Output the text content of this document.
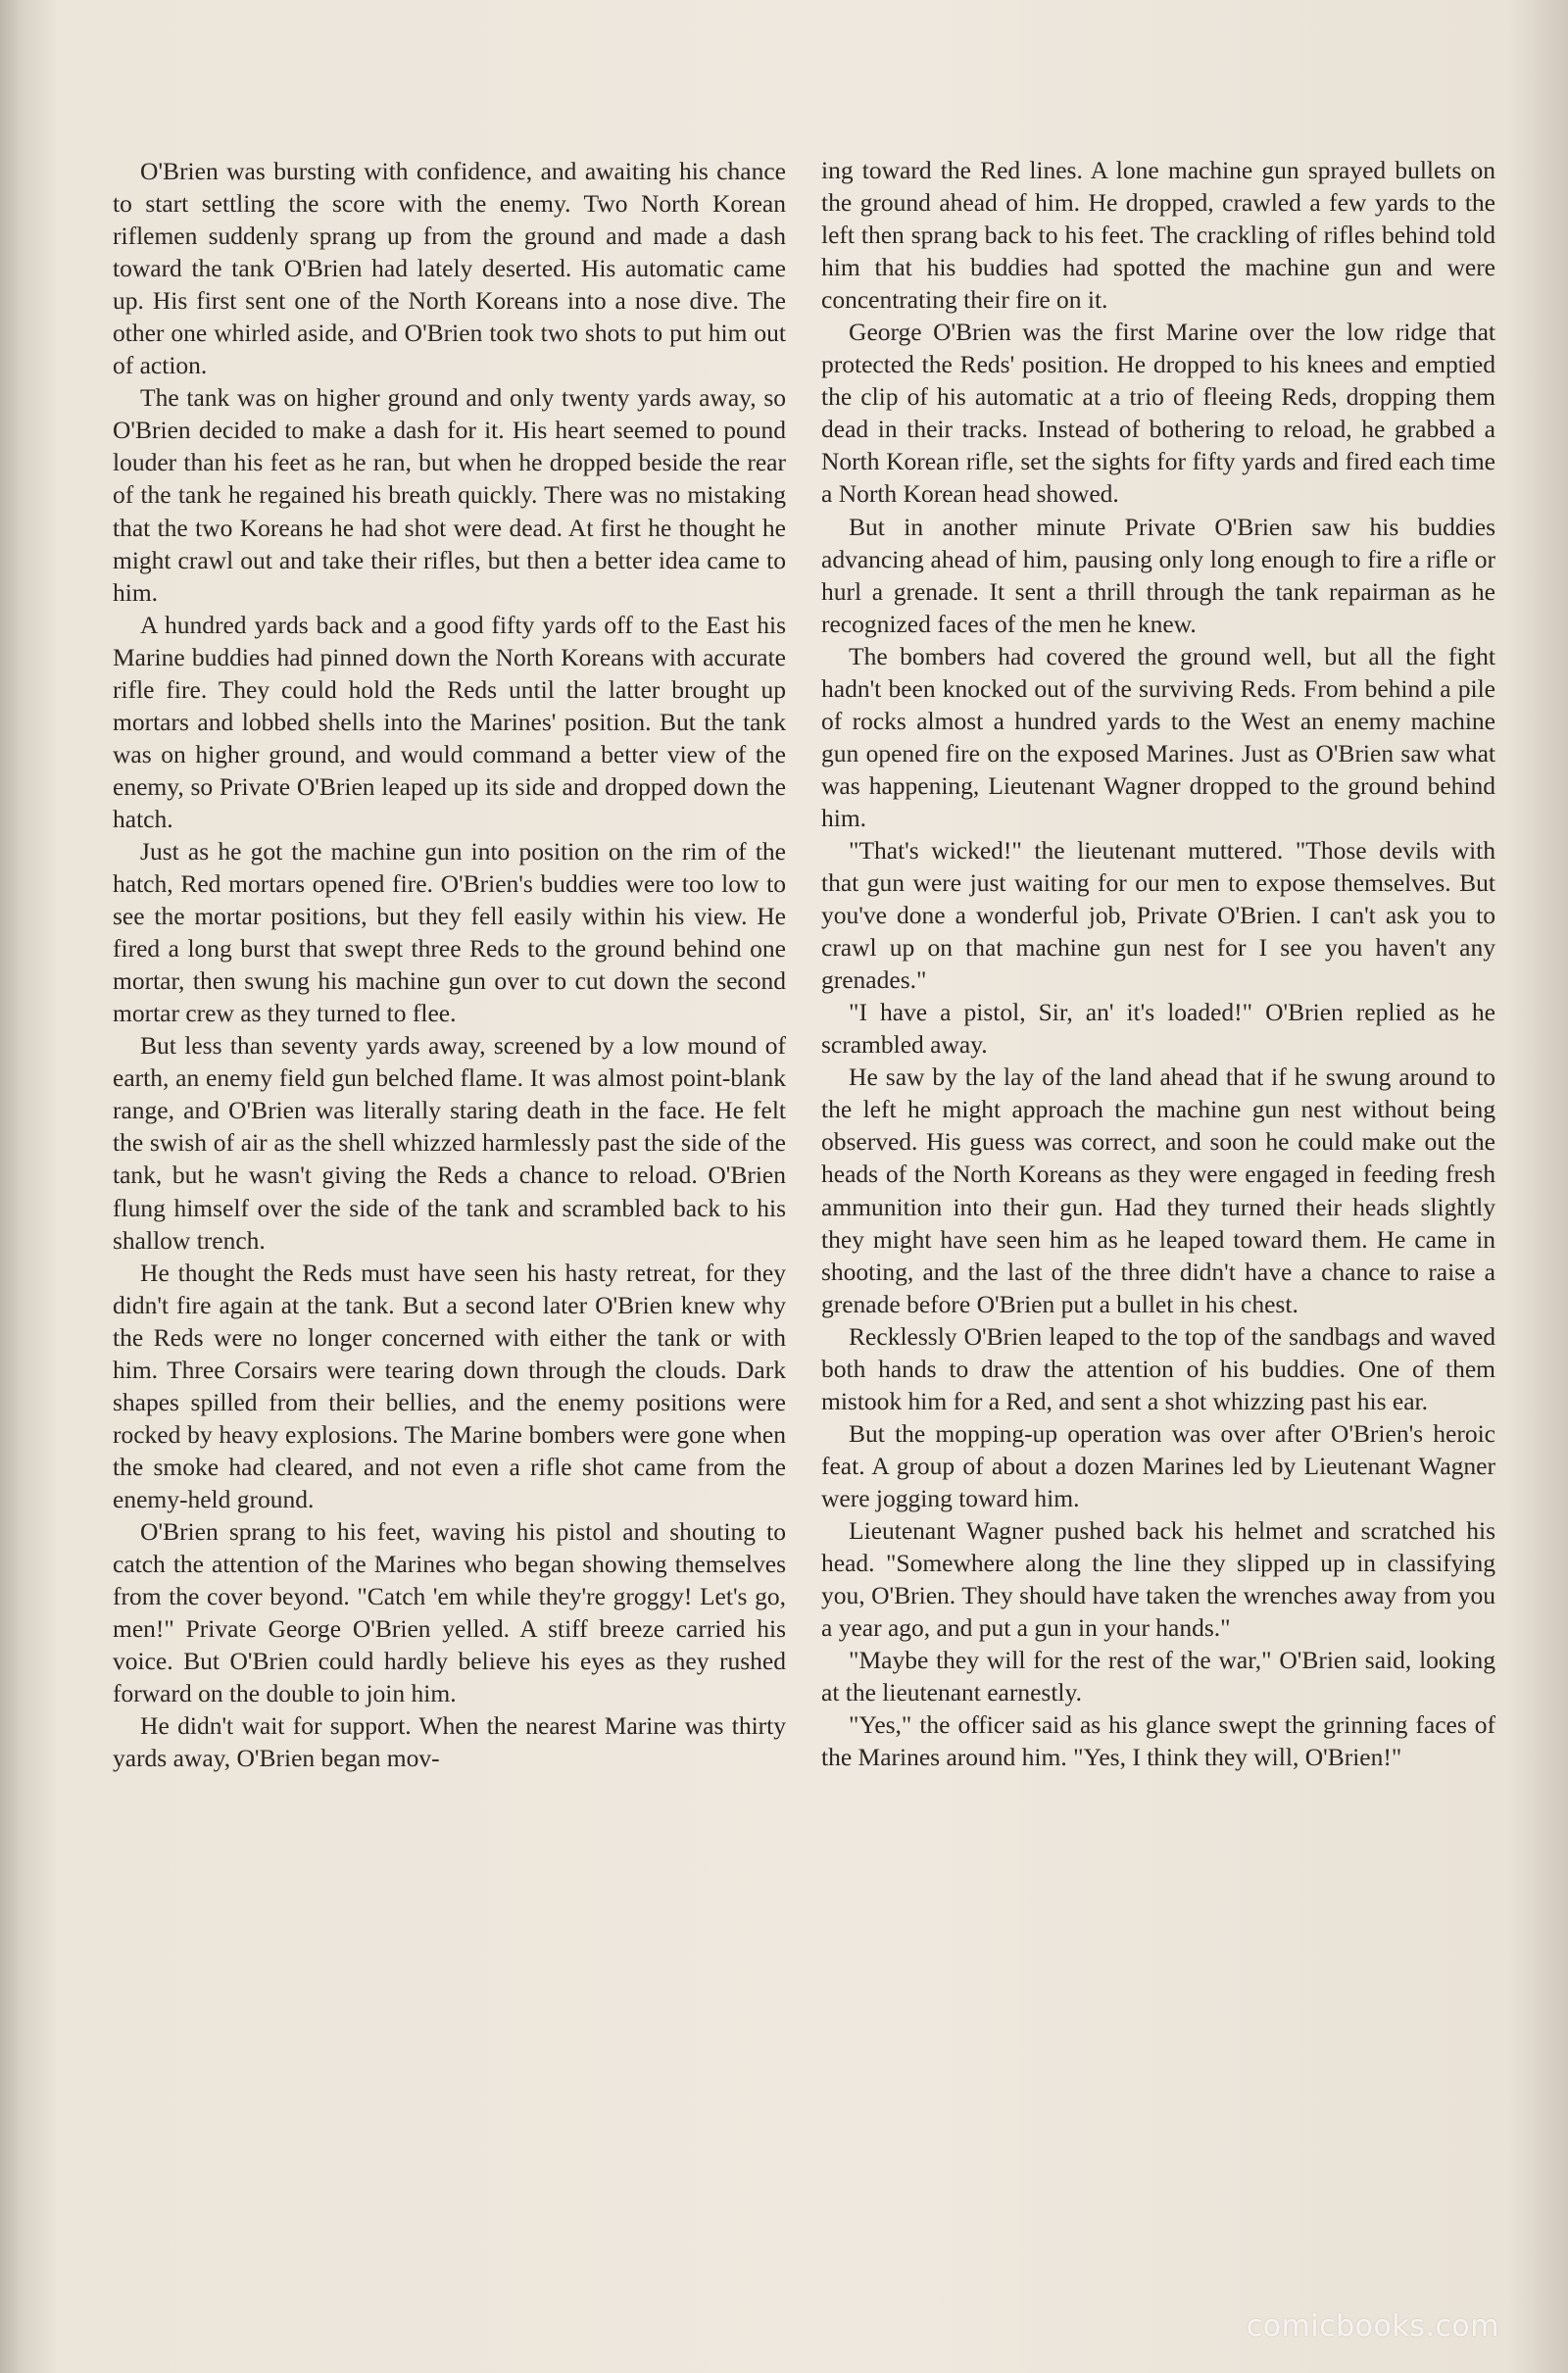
O'Brien was bursting with confidence, and awaiting his chance to start settling the score with the enemy. Two North Korean riflemen suddenly sprang up from the ground and made a dash toward the tank O'Brien had lately deserted. His automatic came up. His first sent one of the North Koreans into a nose dive. The other one whirled aside, and O'Brien took two shots to put him out of action.

The tank was on higher ground and only twenty yards away, so O'Brien decided to make a dash for it. His heart seemed to pound louder than his feet as he ran, but when he dropped beside the rear of the tank he regained his breath quickly. There was no mistaking that the two Koreans he had shot were dead. At first he thought he might crawl out and take their rifles, but then a better idea came to him.

A hundred yards back and a good fifty yards off to the East his Marine buddies had pinned down the North Koreans with accurate rifle fire. They could hold the Reds until the latter brought up mortars and lobbed shells into the Marines' position. But the tank was on higher ground, and would command a better view of the enemy, so Private O'Brien leaped up its side and dropped down the hatch.

Just as he got the machine gun into position on the rim of the hatch, Red mortars opened fire. O'Brien's buddies were too low to see the mortar positions, but they fell easily within his view. He fired a long burst that swept three Reds to the ground behind one mortar, then swung his machine gun over to cut down the second mortar crew as they turned to flee.

But less than seventy yards away, screened by a low mound of earth, an enemy field gun belched flame. It was almost point-blank range, and O'Brien was literally staring death in the face. He felt the swish of air as the shell whizzed harmlessly past the side of the tank, but he wasn't giving the Reds a chance to reload. O'Brien flung himself over the side of the tank and scrambled back to his shallow trench.

He thought the Reds must have seen his hasty retreat, for they didn't fire again at the tank. But a second later O'Brien knew why the Reds were no longer concerned with either the tank or with him. Three Corsairs were tearing down through the clouds. Dark shapes spilled from their bellies, and the enemy positions were rocked by heavy explosions. The Marine bombers were gone when the smoke had cleared, and not even a rifle shot came from the enemy-held ground.

O'Brien sprang to his feet, waving his pistol and shouting to catch the attention of the Marines who began showing themselves from the cover beyond. "Catch 'em while they're groggy! Let's go, men!" Private George O'Brien yelled. A stiff breeze carried his voice. But O'Brien could hardly believe his eyes as they rushed forward on the double to join him.

He didn't wait for support. When the nearest Marine was thirty yards away, O'Brien began mov-

ing toward the Red lines. A lone machine gun sprayed bullets on the ground ahead of him. He dropped, crawled a few yards to the left then sprang back to his feet. The crackling of rifles behind told him that his buddies had spotted the machine gun and were concentrating their fire on it.

George O'Brien was the first Marine over the low ridge that protected the Reds' position. He dropped to his knees and emptied the clip of his automatic at a trio of fleeing Reds, dropping them dead in their tracks. Instead of bothering to reload, he grabbed a North Korean rifle, set the sights for fifty yards and fired each time a North Korean head showed.

But in another minute Private O'Brien saw his buddies advancing ahead of him, pausing only long enough to fire a rifle or hurl a grenade. It sent a thrill through the tank repairman as he recognized faces of the men he knew.

The bombers had covered the ground well, but all the fight hadn't been knocked out of the surviving Reds. From behind a pile of rocks almost a hundred yards to the West an enemy machine gun opened fire on the exposed Marines. Just as O'Brien saw what was happening, Lieutenant Wagner dropped to the ground behind him.

"That's wicked!" the lieutenant muttered. "Those devils with that gun were just waiting for our men to expose themselves. But you've done a wonderful job, Private O'Brien. I can't ask you to crawl up on that machine gun nest for I see you haven't any grenades."

"I have a pistol, Sir, an' it's loaded!" O'Brien replied as he scrambled away.

He saw by the lay of the land ahead that if he swung around to the left he might approach the machine gun nest without being observed. His guess was correct, and soon he could make out the heads of the North Koreans as they were engaged in feeding fresh ammunition into their gun. Had they turned their heads slightly they might have seen him as he leaped toward them. He came in shooting, and the last of the three didn't have a chance to raise a grenade before O'Brien put a bullet in his chest.

Recklessly O'Brien leaped to the top of the sandbags and waved both hands to draw the attention of his buddies. One of them mistook him for a Red, and sent a shot whizzing past his ear.

But the mopping-up operation was over after O'Brien's heroic feat. A group of about a dozen Marines led by Lieutenant Wagner were jogging toward him.

Lieutenant Wagner pushed back his helmet and scratched his head. "Somewhere along the line they slipped up in classifying you, O'Brien. They should have taken the wrenches away from you a year ago, and put a gun in your hands."

"Maybe they will for the rest of the war," O'Brien said, looking at the lieutenant earnestly.

"Yes," the officer said as his glance swept the grinning faces of the Marines around him. "Yes, I think they will, O'Brien!"

comicbooks.com
